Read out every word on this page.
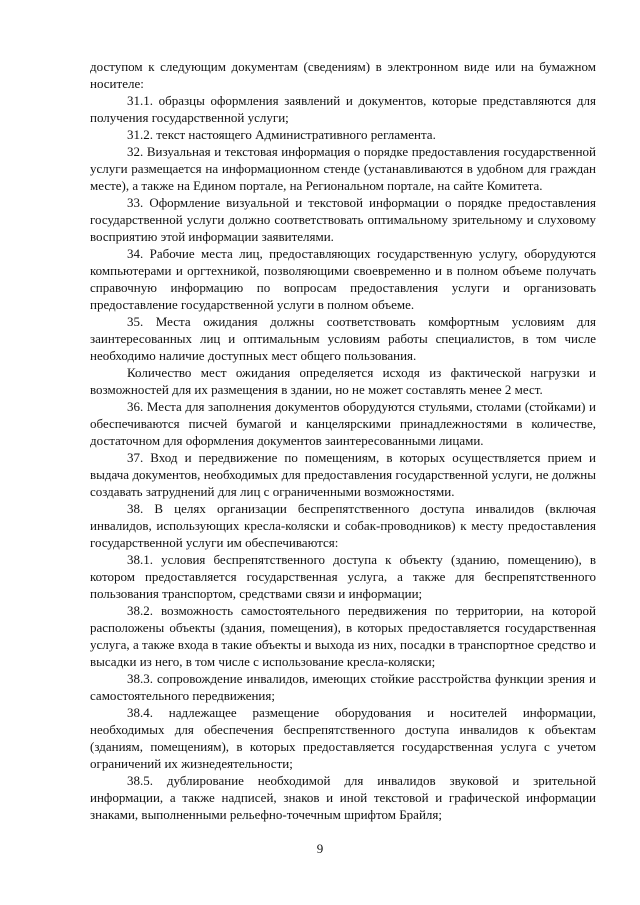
доступом к следующим документам (сведениям) в электронном виде или на бумажном носителе:

31.1. образцы оформления заявлений и документов, которые представляются для получения государственной услуги;

31.2. текст настоящего Административного регламента.

32. Визуальная и текстовая информация о порядке предоставления государственной услуги размещается на информационном стенде (устанавливаются в удобном для граждан месте), а также на Едином портале, на Региональном портале, на сайте Комитета.

33. Оформление визуальной и текстовой информации о порядке предоставления государственной услуги должно соответствовать оптимальному зрительному и слуховому восприятию этой информации заявителями.

34. Рабочие места лиц, предоставляющих государственную услугу, оборудуются компьютерами и оргтехникой, позволяющими своевременно и в полном объеме получать справочную информацию по вопросам предоставления услуги и организовать предоставление государственной услуги в полном объеме.

35. Места ожидания должны соответствовать комфортным условиям для заинтересованных лиц и оптимальным условиям работы специалистов, в том числе необходимо наличие доступных мест общего пользования.

Количество мест ожидания определяется исходя из фактической нагрузки и возможностей для их размещения в здании, но не может составлять менее 2 мест.

36. Места для заполнения документов оборудуются стульями, столами (стойками) и обеспечиваются писчей бумагой и канцелярскими принадлежностями в количестве, достаточном для оформления документов заинтересованными лицами.

37. Вход и передвижение по помещениям, в которых осуществляется прием и выдача документов, необходимых для предоставления государственной услуги, не должны создавать затруднений для лиц с ограниченными возможностями.

38. В целях организации беспрепятственного доступа инвалидов (включая инвалидов, использующих кресла-коляски и собак-проводников) к месту предоставления государственной услуги им обеспечиваются:

38.1. условия беспрепятственного доступа к объекту (зданию, помещению), в котором предоставляется государственная услуга, а также для беспрепятственного пользования транспортом, средствами связи и информации;

38.2. возможность самостоятельного передвижения по территории, на которой расположены объекты (здания, помещения), в которых предоставляется государственная услуга, а также входа в такие объекты и выхода из них, посадки в транспортное средство и высадки из него, в том числе с использование кресла-коляски;

38.3. сопровождение инвалидов, имеющих стойкие расстройства функции зрения и самостоятельного передвижения;

38.4. надлежащее размещение оборудования и носителей информации, необходимых для обеспечения беспрепятственного доступа инвалидов к объектам (зданиям, помещениям), в которых предоставляется государственная услуга с учетом ограничений их жизнедеятельности;

38.5. дублирование необходимой для инвалидов звуковой и зрительной информации, а также надписей, знаков и иной текстовой и графической информации знаками, выполненными рельефно-точечным шрифтом Брайля;

9
